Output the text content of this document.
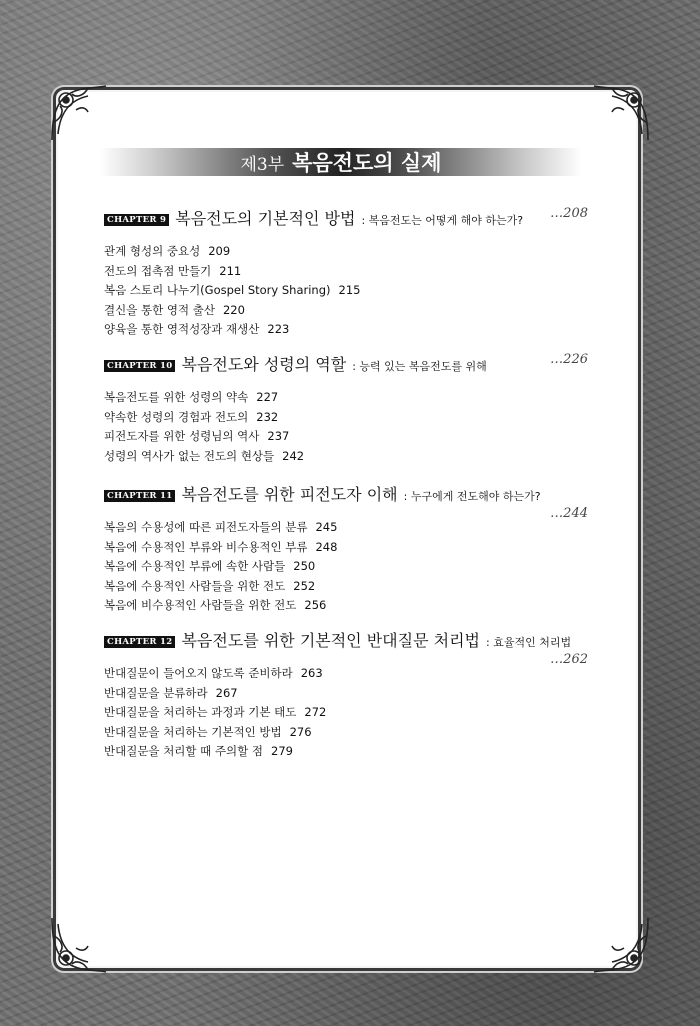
제3부 복음전도의 실제
CHAPTER 9 복음전도의 기본적인 방법 : 복음전도는 어떻게 해야 하는가? …208
관계 형성의 중요성 209
전도의 접촉점 만들기 211
복음 스토리 나누기(Gospel Story Sharing) 215
결신을 통한 영적 출산 220
양육을 통한 영적성장과 재생산 223
CHAPTER 10 복음전도와 성령의 역할 : 능력 있는 복음전도를 위해	…226
복음전도를 위한 성령의 약속 227
약속한 성령의 경험과 전도의 232
피전도자를 위한 성령님의 역사 237
성령의 역사가 없는 전도의 현상들 242
CHAPTER 11 복음전도를 위한 피전도자 이해 : 누구에게 전도해야 하는가?
…244
복음의 수용성에 따른 피전도자들의 분류 245
복음에 수용적인 부류와 비수용적인 부류 248
복음에 수용적인 부류에 속한 사람들 250
복음에 수용적인 사람들을 위한 전도 252
복음에 비수용적인 사람들을 위한 전도 256
CHAPTER 12 복음전도를 위한 기본적인 반대질문 처리법 : 효율적인 처리법
…262
반대질문이 들어오지 않도록 준비하라 263
반대질문을 분류하라 267
반대질문을 처리하는 과정과 기본 태도 272
반대질문을 처리하는 기본적인 방법 276
반대질문을 처리할 때 주의할 점 279
